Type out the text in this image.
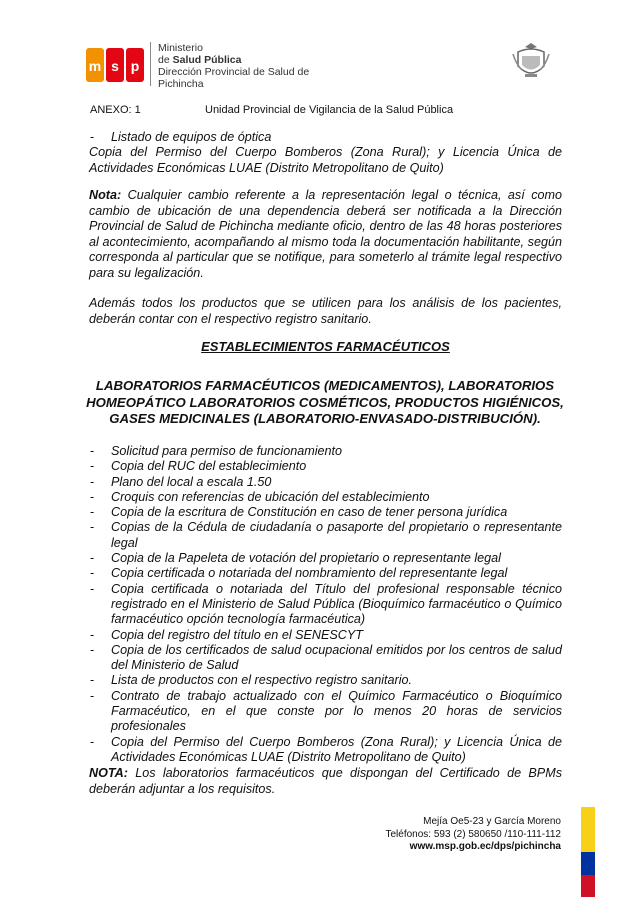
m s p
Ministerio
de Salud Pública
Dirección Provincial de Salud de Pichincha
ANEXO: 1	Unidad Provincial de Vigilancia de la Salud Pública
- Listado de equipos de óptica
Copia del Permiso del Cuerpo Bomberos (Zona Rural); y Licencia Única de Actividades Económicas LUAE (Distrito Metropolitano de Quito)
Nota: Cualquier cambio referente a la representación legal o técnica, así como cambio de ubicación de una dependencia deberá ser notificada a la Dirección Provincial de Salud de Pichincha mediante oficio, dentro de las 48 horas posteriores al acontecimiento, acompañando al mismo toda la documentación habilitante, según corresponda al particular que se notifique, para someterlo al trámite legal respectivo para su legalización.
Además todos los productos que se utilicen para los análisis de los pacientes, deberán contar con el respectivo registro sanitario.
ESTABLECIMIENTOS FARMACÉUTICOS
LABORATORIOS FARMACÉUTICOS (MEDICAMENTOS), LABORATORIOS
HOMEOPÁTICO LABORATORIOS COSMÉTICOS, PRODUCTOS HIGIÉNICOS,
GASES MEDICINALES (LABORATORIO-ENVASADO-DISTRIBUCIÓN).
- Solicitud para permiso de funcionamiento
- Copia del RUC del establecimiento
- Plano del local a escala 1.50
- Croquis con referencias de ubicación del establecimiento
- Copia de la escritura de Constitución en caso de tener persona jurídica
- Copias de la Cédula de ciudadanía o pasaporte del propietario o representante legal
- Copia de la Papeleta de votación del propietario o representante legal
- Copia certificada o notariada del nombramiento del representante legal
- Copia certificada o notariada del Título del profesional responsable técnico registrado en el Ministerio de Salud Pública (Bioquímico farmacéutico o Químico farmacéutico opción tecnología farmacéutica)
- Copia del registro del título en el SENESCYT
- Copia de los certificados de salud ocupacional emitidos por los centros de salud del Ministerio de Salud
- Lista de productos con el respectivo registro sanitario.
- Contrato de trabajo actualizado con el Químico Farmacéutico o Bioquímico Farmacéutico, en el que conste por lo menos 20 horas de servicios profesionales
- Copia del Permiso del Cuerpo Bomberos (Zona Rural); y Licencia Única de Actividades Económicas LUAE (Distrito Metropolitano de Quito)
NOTA: Los laboratorios farmacéuticos que dispongan del Certificado de BPMs deberán adjuntar a los requisitos.
Mejía Oe5-23 y García Moreno
Teléfonos: 593 (2) 580650 /110-111-112
www.msp.gob.ec/dps/pichincha
